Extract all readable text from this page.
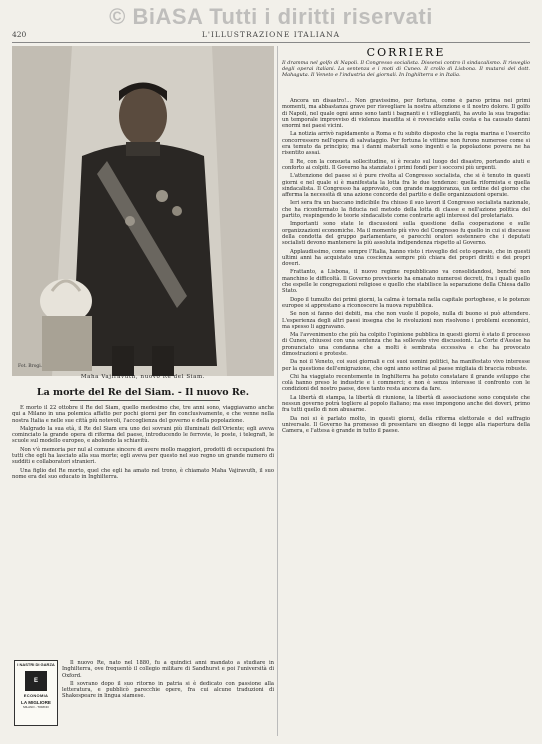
© BiASA Tutti i diritti riservati
420	L'ILLUSTRAZIONE ITALIANA
Fot. Brogi.
Maha Vajiravuth, nuovo Re del Siam.
La morte del Re del Siam. - Il nuovo Re.

È morto il 22 ottobre il Re del Siam, quello medesimo che, tre anni sono, viaggiavamo anche qui a Milano in una polemica affatto per pochi giorni per fin conclusivamente, e che venne nella nostra Italia e nelle sue città più notevoli, l'accoglienza del governo e della popolazione.

Malgrado la sua età, il Re del Siam era uno dei sovrani più illuminati dell'Oriente; egli aveva cominciato la grande opera di riforma del paese, introducendo le ferrovie, le poste, i telegrafi, le scuole sul modello europeo, e abolendo la schiavitù.

Non v'è memoria per nul al comune sincere di avere mollo maggiori, prodotti di occupazioni fra tutti che egli ha lasciato alla sua morte; egli aveva per questo nel suo regno un grande numero di sudditi e collaboratori stranieri.

Una figlio del Re morto, quel che egli ha amato nel trono, è chiamato Maha Vajiravuth, il suo nome era del suo educato in Inghilterra.

I NASTRI DI GARZA
E
ECONOMIA
LA MIGLIORE
MILANO - TORINO

Il nuovo Re, nato nel 1880, fu a quindici anni mandato a studiare in Inghilterra, ove frequentò il collegio militare di Sandhurst e poi l'università di Oxford.

Il sovrano dopo il suo ritorno in patria si è dedicato con passione alla letteratura, e pubblicò parecchie opere, fra cui alcune traduzioni di Shakespeare in lingua siamese.

CORRIERE
Il dramma nel golfo di Napoli. Il Congresso socialista. Dissensi contro il sindacalismo. Il risveglio degli operai italiani. La sentenza e i moti di Cuneo. Il crollo di Lisbona. Il mutarsi del dott. Mahaguta. Il Veneto e l'industria dei giornali. In Inghilterra e in Italia.

Ancora un disastro!... Non gravissimo, per fortuna, come è parso prima nei primi momenti, ma abbastanza grave per risvegliare la nostra attenzione e il nostro dolore. Il golfo di Napoli, nel quale ogni anno sono tanti i bagnanti e i villeggianti, ha avuto la sua tragedia: un temporale improvviso di violenza inaudita si è rovesciato sulla costa e ha causato danni enormi nei paesi vicini.

La notizia arrivò rapidamente a Roma e fu subito disposto che la regia marina e l'esercito concorressero nell'opera di salvataggio. Per fortuna le vittime non furono numerose come si era temuto da principio; ma i danni materiali sono ingenti e la popolazione povera ne ha risentito assai.

Il Re, con la consueta sollecitudine, si è recato sul luogo del disastro, portando aiuti e conforto ai colpiti. Il Governo ha stanziato i primi fondi per i soccorsi più urgenti.

L'attenzione del paese si è pure rivolta al Congresso socialista, che si è tenuto in questi giorni e nel quale si è manifestata la lotta fra le due tendenze: quella riformista e quella sindacalista. Il Congresso ha approvato, con grande maggioranza, un ordine del giorno che afferma la necessità di una azione concorde del partito e delle organizzazioni operaie.

Ieri sera fra un baccano indicibile fra chiuso il suo lavori il Congresso socialista nazionale, che ha riconfermato la fiducia nel metodo della lotta di classe e nell'azione politica del partito, respingendo le teorie sindacaliste come contrarie agli interessi del proletariato.

Importanti sono state le discussioni sulla questione della cooperazione e sulle organizzazioni economiche. Ma il momento più vivo del Congresso fu quello in cui si discusse della condotta del gruppo parlamentare, e parecchi oratori sostennero che i deputati socialisti devono mantenere la più assoluta indipendenza rispetto al Governo.

Applaudissimo, come sempre l'Italia, hanno visto i risveglio del ceto operaio, che in questi ultimi anni ha acquistato una coscienza sempre più chiara dei propri diritti e dei propri doveri.

Frattanto, a Lisbona, il nuovo regime repubblicano va consolidandosi, benché non manchino le difficoltà. Il Governo provvisorio ha emanato numerosi decreti, fra i quali quello che espelle le congregazioni religiose e quello che stabilisce la separazione della Chiesa dallo Stato.

Dopo il tumulto dei primi giorni, la calma è tornata nella capitale portoghese, e le potenze europee si apprestano a riconoscere la nuova repubblica.

Se non si fanno dei debiti, ma che non vuole il popolo, nulla di buono si può attendere. L'esperienza degli altri paesi insegna che le rivoluzioni non risolvono i problemi economici, ma spesso li aggravano.

Ma l'avvenimento che più ha colpito l'opinione pubblica in questi giorni è stato il processo di Cuneo, chiusosi con una sentenza che ha sollevato vive discussioni. La Corte d'Assise ha pronunciato una condanna che a molti è sembrata eccessiva e che ha provocato dimostrazioni e proteste.

Da noi il Veneto, coi suoi giornali e coi suoi uomini politici, ha manifestato vivo interesse per la questione dell'emigrazione, che ogni anno sottrae al paese migliaia di braccia robuste.

Chi ha viaggiato recentemente in Inghilterra ha potuto constatare il grande sviluppo che colà hanno preso le industrie e i commerci; e non è senza interesse il confronto con le condizioni del nostro paese, dove tanto resta ancora da fare.

La libertà di stampa, la libertà di riunione, la libertà di associazione sono conquiste che nessun governo potrà togliere al popolo italiano; ma esse impongono anche dei doveri, primo fra tutti quello di non abusarne.

Da noi si è parlato molto, in questi giorni, della riforma elettorale e del suffragio universale. Il Governo ha promesso di presentare un disegno di legge alla riapertura della Camera, e l'attesa è grande in tutto il paese.
